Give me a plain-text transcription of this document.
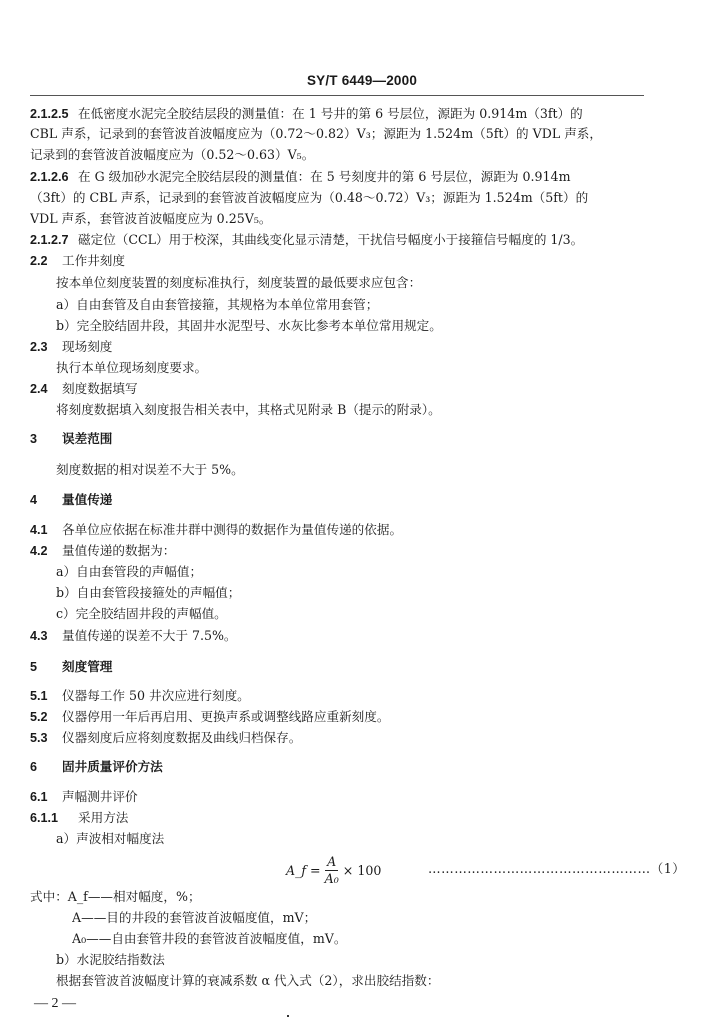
SY/T 6449—2000
2.1.2.5 在低密度水泥完全胶结层段的测量值：在 1 号井的第 6 号层位，源距为 0.914m（3ft）的
CBL 声系，记录到的套管波首波幅度应为（0.72～0.82）V₃；源距为 1.524m（5ft）的 VDL 声系，
记录到的套管波首波幅度应为（0.52～0.63）V₅。
2.1.2.6 在 G 级加砂水泥完全胶结层段的测量值：在 5 号刻度井的第 6 号层位，源距为 0.914m
（3ft）的 CBL 声系，记录到的套管波首波幅度应为（0.48～0.72）V₃；源距为 1.524m（5ft）的
VDL 声系，套管波首波幅度应为 0.25V₅。
2.1.2.7 磁定位（CCL）用于校深，其曲线变化显示清楚，干扰信号幅度小于接箍信号幅度的 1/3。
2.2 工作井刻度
按本单位刻度装置的刻度标准执行，刻度装置的最低要求应包含：
a）自由套管及自由套管接箍，其规格为本单位常用套管；
b）完全胶结固井段，其固井水泥型号、水灰比参考本单位常用规定。
2.3 现场刻度
执行本单位现场刻度要求。
2.4 刻度数据填写
将刻度数据填入刻度报告相关表中，其格式见附录 B（提示的附录）。
3 误差范围
刻度数据的相对误差不大于 5%。
4 量值传递
4.1 各单位应依据在标准井群中测得的数据作为量值传递的依据。
4.2 量值传递的数据为：
a）自由套管段的声幅值；
b）自由套管段接箍处的声幅值；
c）完全胶结固井段的声幅值。
4.3 量值传递的误差不大于 7.5%。
5 刻度管理
5.1 仪器每工作 50 井次应进行刻度。
5.2 仪器停用一年后再启用、更换声系或调整线路应重新刻度。
5.3 仪器刻度后应将刻度数据及曲线归档保存。
6 固井质量评价方法
6.1 声幅测井评价
6.1.1 采用方法
a）声波相对幅度法
式中：A_f——相对幅度，%；
A——目的井段的套管波首波幅度值，mV；
A₀——自由套管井段的套管波首波幅度值，mV。
b）水泥胶结指数法
根据套管波首波幅度计算的衰减系数 α 代入式（2），求出胶结指数：
A_f = $\frac{A}{\text{A₀}} \times 100$	……………………………………………（1）
— 2 —
